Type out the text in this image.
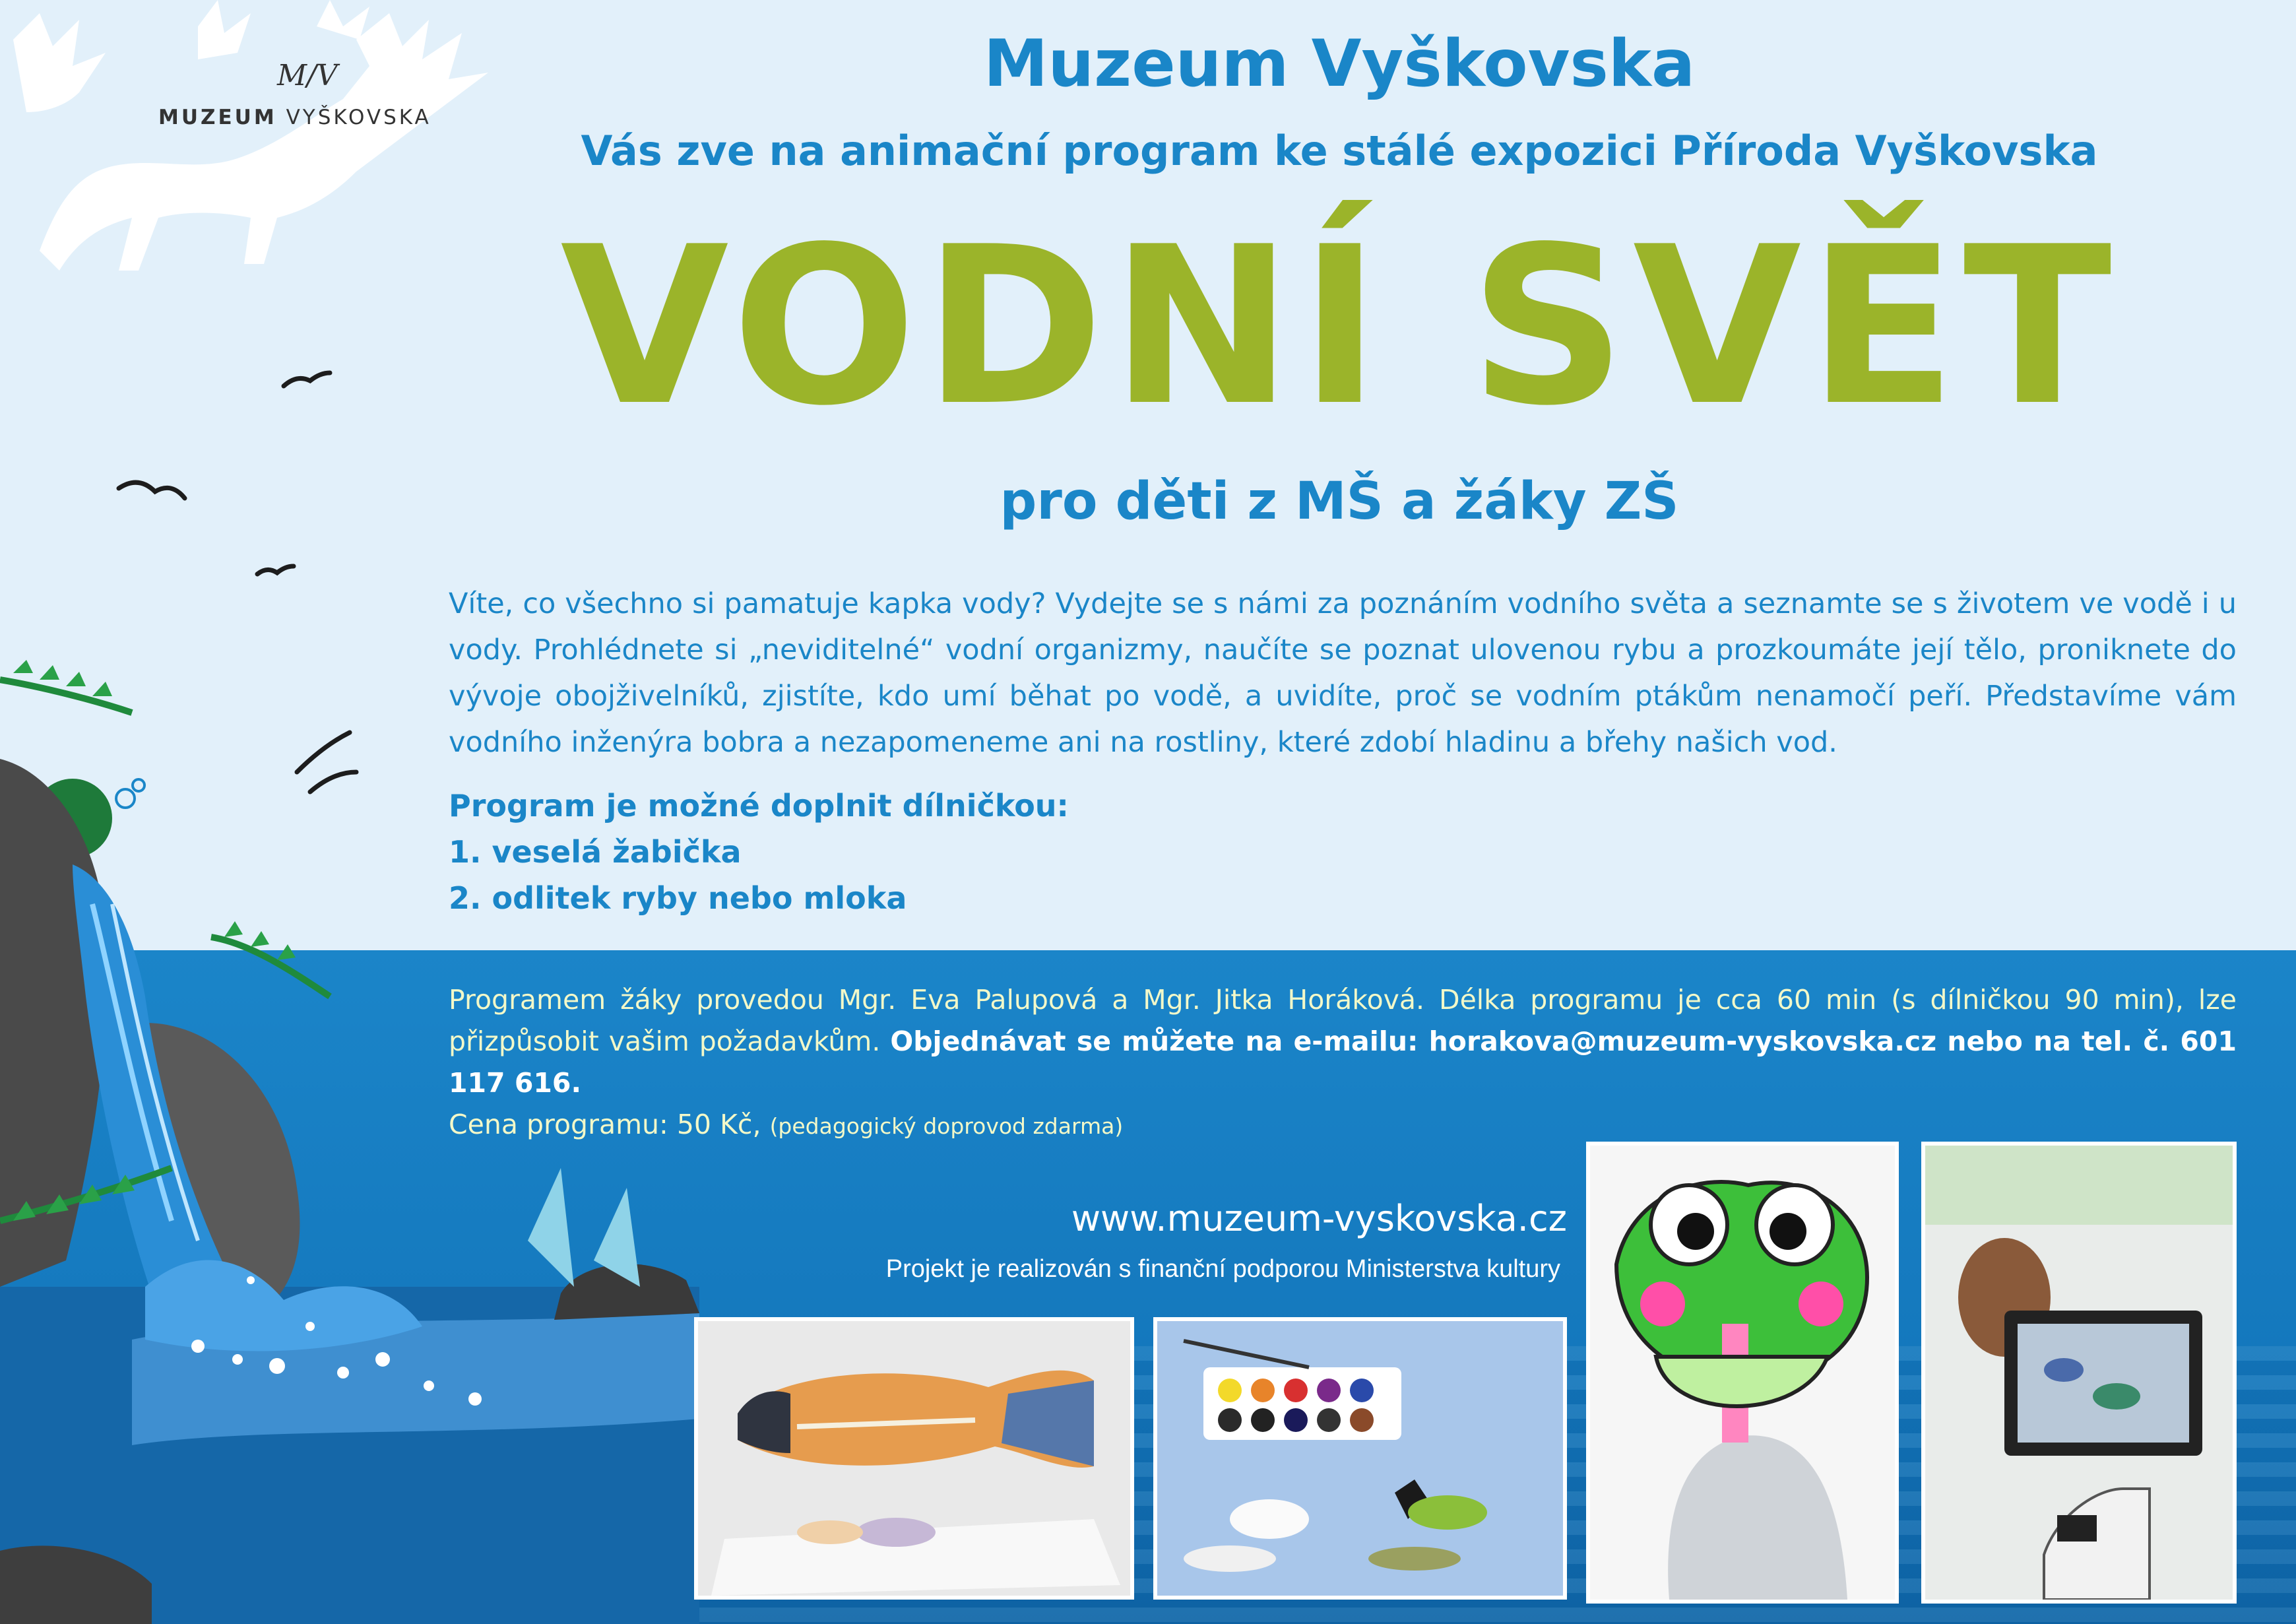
M/V
MUZEUM VYŠKOVSKA
Muzeum Vyškovska
Vás zve na animační program ke stálé expozici Příroda Vyškovska
VODNÍ SVĚT
pro děti z MŠ a žáky ZŠ
Víte, co všechno si pamatuje kapka vody? Vydejte se s námi za poznáním vodního světa a seznamte se s životem ve vodě i u vody. Prohlédnete si „neviditelné“ vodní organizmy, naučíte se poznat ulovenou rybu a prozkoumáte její tělo, proniknete do vývoje obojživelníků, zjistíte, kdo umí běhat po vodě, a uvidíte, proč se vodním ptákům nenamočí peří. Představíme vám vodního inženýra bobra a nezapomeneme ani na rostliny, které zdobí hladinu a břehy našich vod.
Program je možné doplnit dílničkou:
1. veselá žabička
2. odlitek ryby nebo mloka
Programem žáky provedou Mgr. Eva Palupová a Mgr. Jitka Horáková. Délka programu je cca 60 min (s dílničkou 90 min), lze přizpůsobit vašim požadavkům. Objednávat se můžete na e-mailu: horakova@muzeum-vyskovska.cz nebo na tel. č. 601 117 616.
Cena programu: 50 Kč, (pedagogický doprovod zdarma)
www.muzeum-vyskovska.cz
Projekt je realizován s finanční podporou Ministerstva kultury
